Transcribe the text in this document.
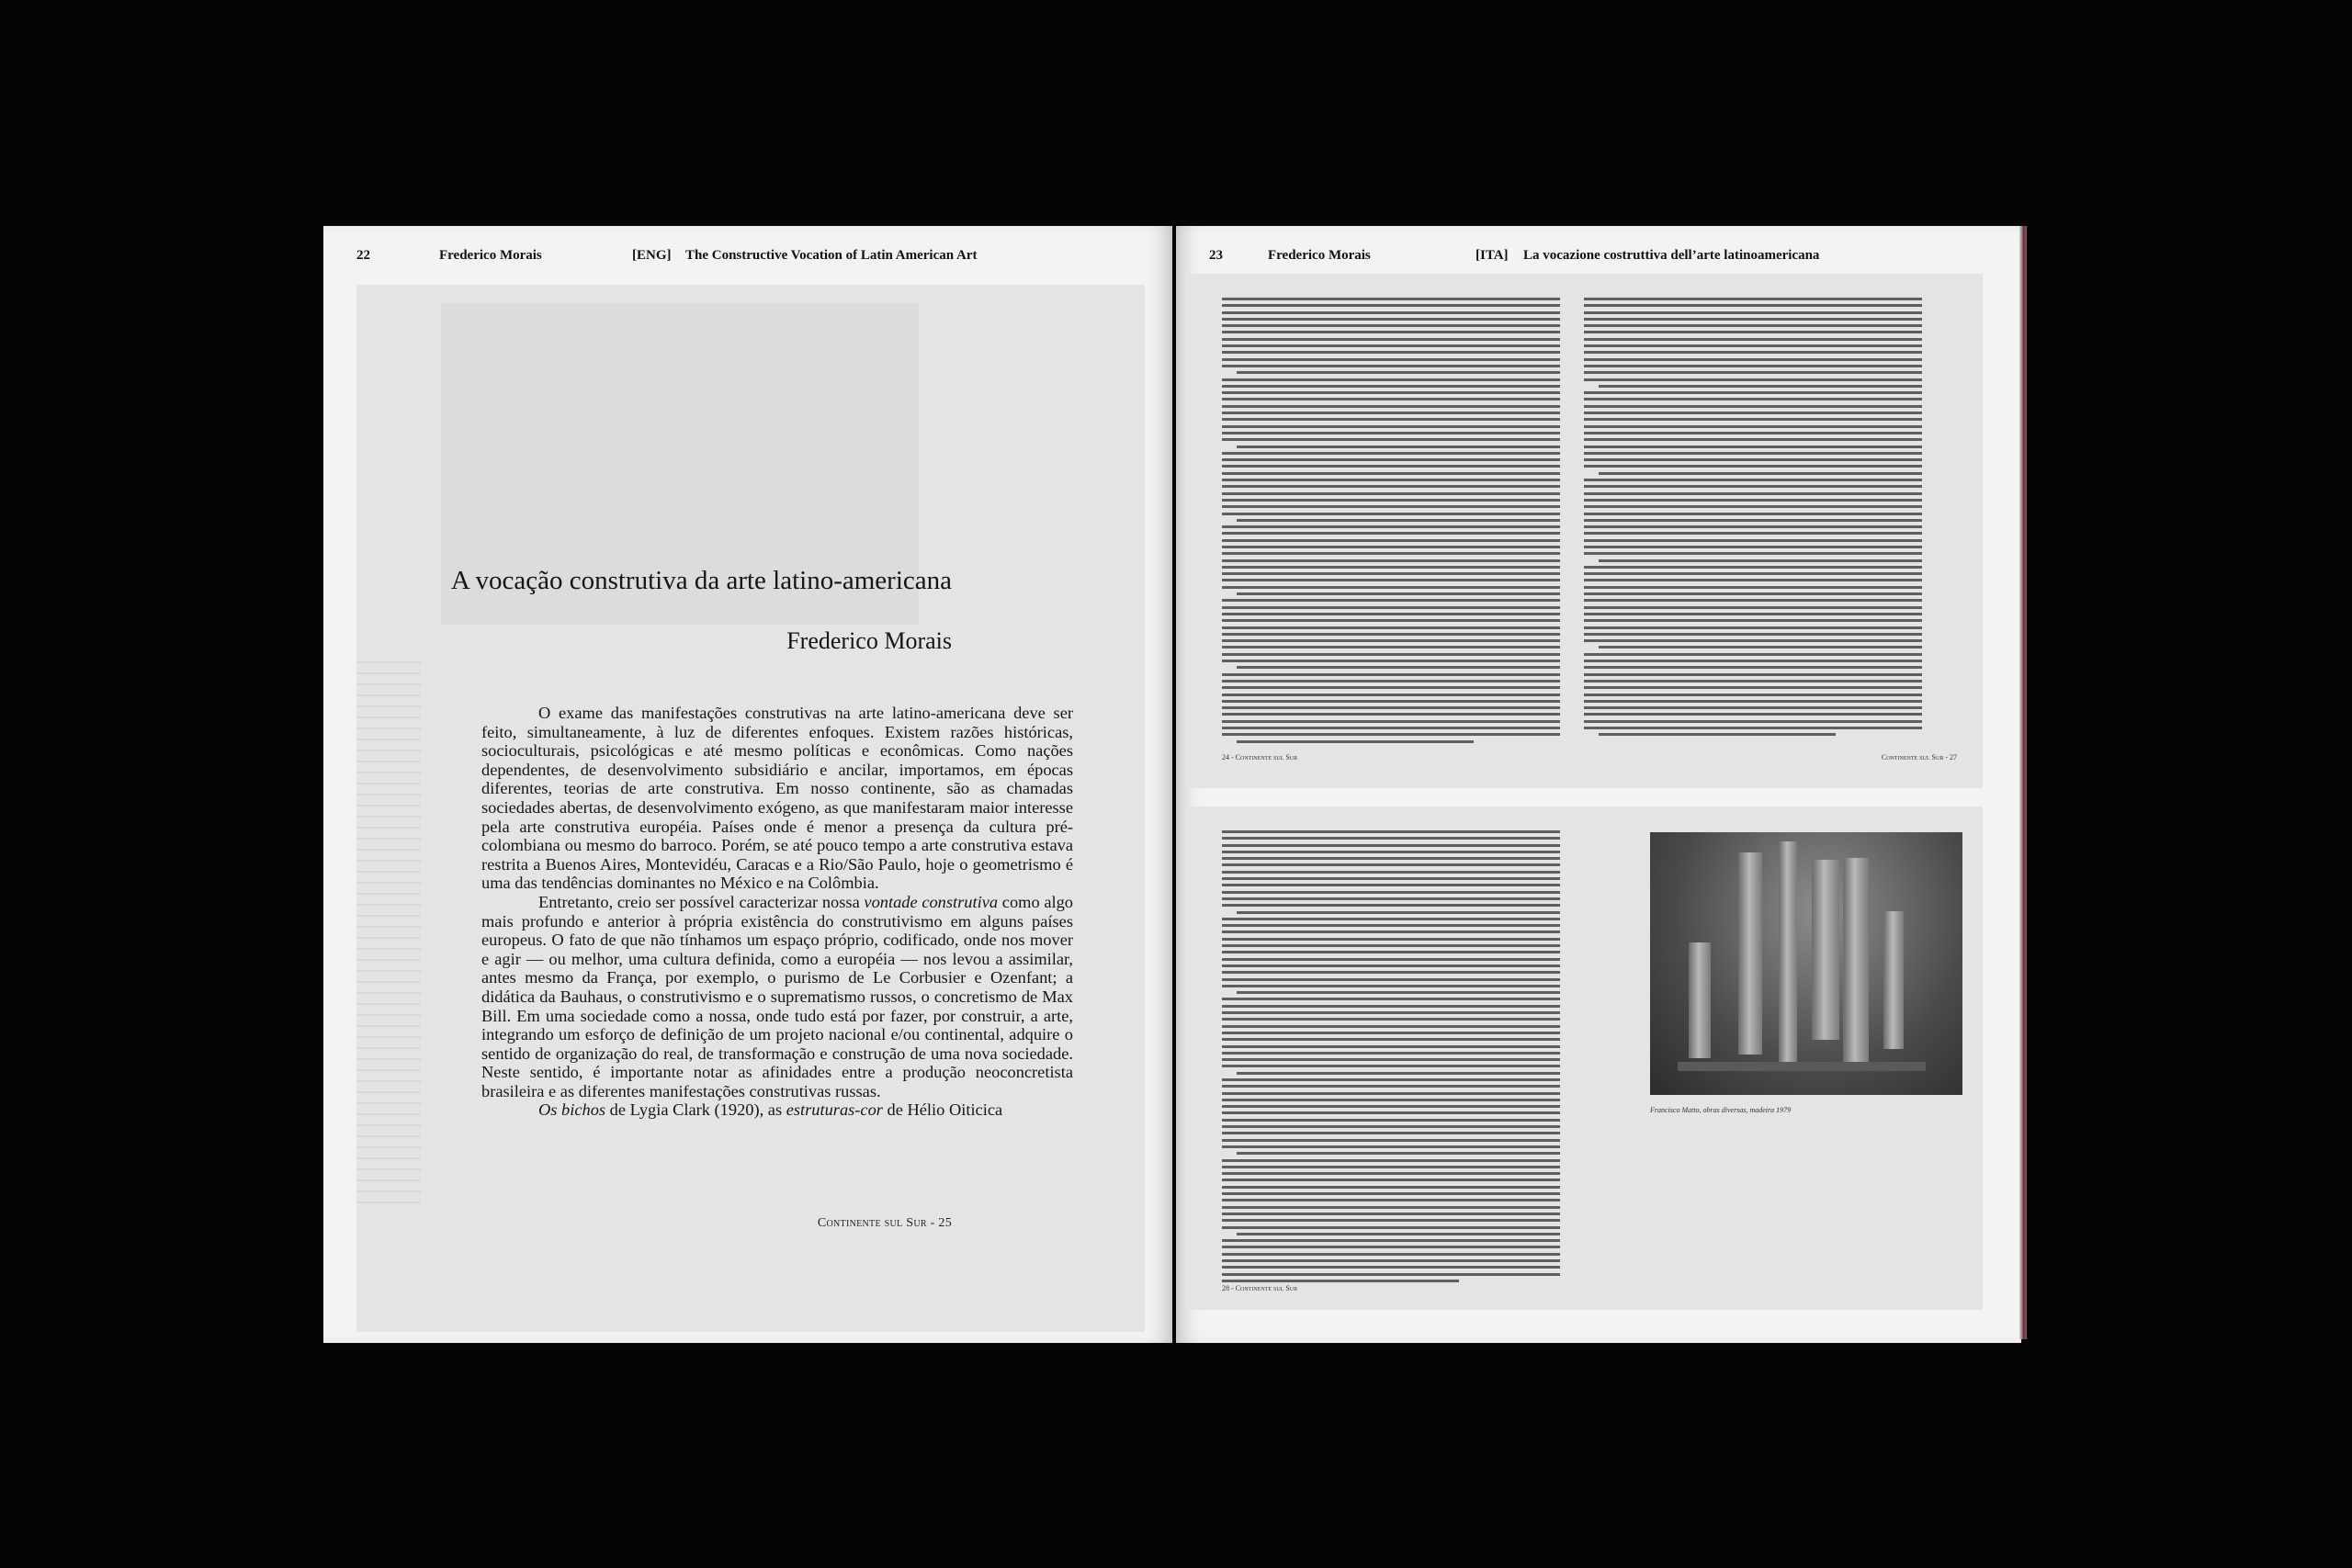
22	Frederico Morais	[ENG] The Constructive Vocation of Latin American Art
A vocação construtiva da arte latino-americana
Frederico Morais

O exame das manifestações construtivas na arte latino-americana deve ser feito, simultaneamente, à luz de diferentes enfoques. Existem razões históricas, socioculturais, psicológicas e até mesmo políticas e econômicas. Como nações dependentes, de desenvolvimento subsidiário e ancilar, importamos, em épocas diferentes, teorias de arte construtiva. Em nosso continente, são as chamadas sociedades abertas, de desenvolvimento exógeno, as que manifestaram maior interesse pela arte construtiva européia. Países onde é menor a presença da cultura pré-colombiana ou mesmo do barroco. Porém, se até pouco tempo a arte construtiva estava restrita a Buenos Aires, Montevidéu, Caracas e a Rio/São Paulo, hoje o geometrismo é uma das tendências dominantes no México e na Colômbia.

Entretanto, creio ser possível caracterizar nossa vontade construtiva como algo mais profundo e anterior à própria existência do construtivismo em alguns países europeus. O fato de que não tínhamos um espaço próprio, codificado, onde nos mover e agir — ou melhor, uma cultura definida, como a européia — nos levou a assimilar, antes mesmo da França, por exemplo, o purismo de Le Corbusier e Ozenfant; a didática da Bauhaus, o construtivismo e o suprematismo russos, o concretismo de Max Bill. Em uma sociedade como a nossa, onde tudo está por fazer, por construir, a arte, integrando um esforço de definição de um projeto nacional e/ou continental, adquire o sentido de organização do real, de transformação e construção de uma nova sociedade. Neste sentido, é importante notar as afinidades entre a produção neoconcretista brasileira e as diferentes manifestações construtivas russas.

Os bichos de Lygia Clark (1920), as estruturas-cor de Hélio Oiticica

Continente sul Sur - 25
23	Frederico Morais	[ITA] La vocazione costruttiva dell’arte latinoamericana
24 - Continente sul Sur	Continente sul Sur - 27
Francisco Matto, obras diversas, madeira 1979
28 - Continente sul Sur
